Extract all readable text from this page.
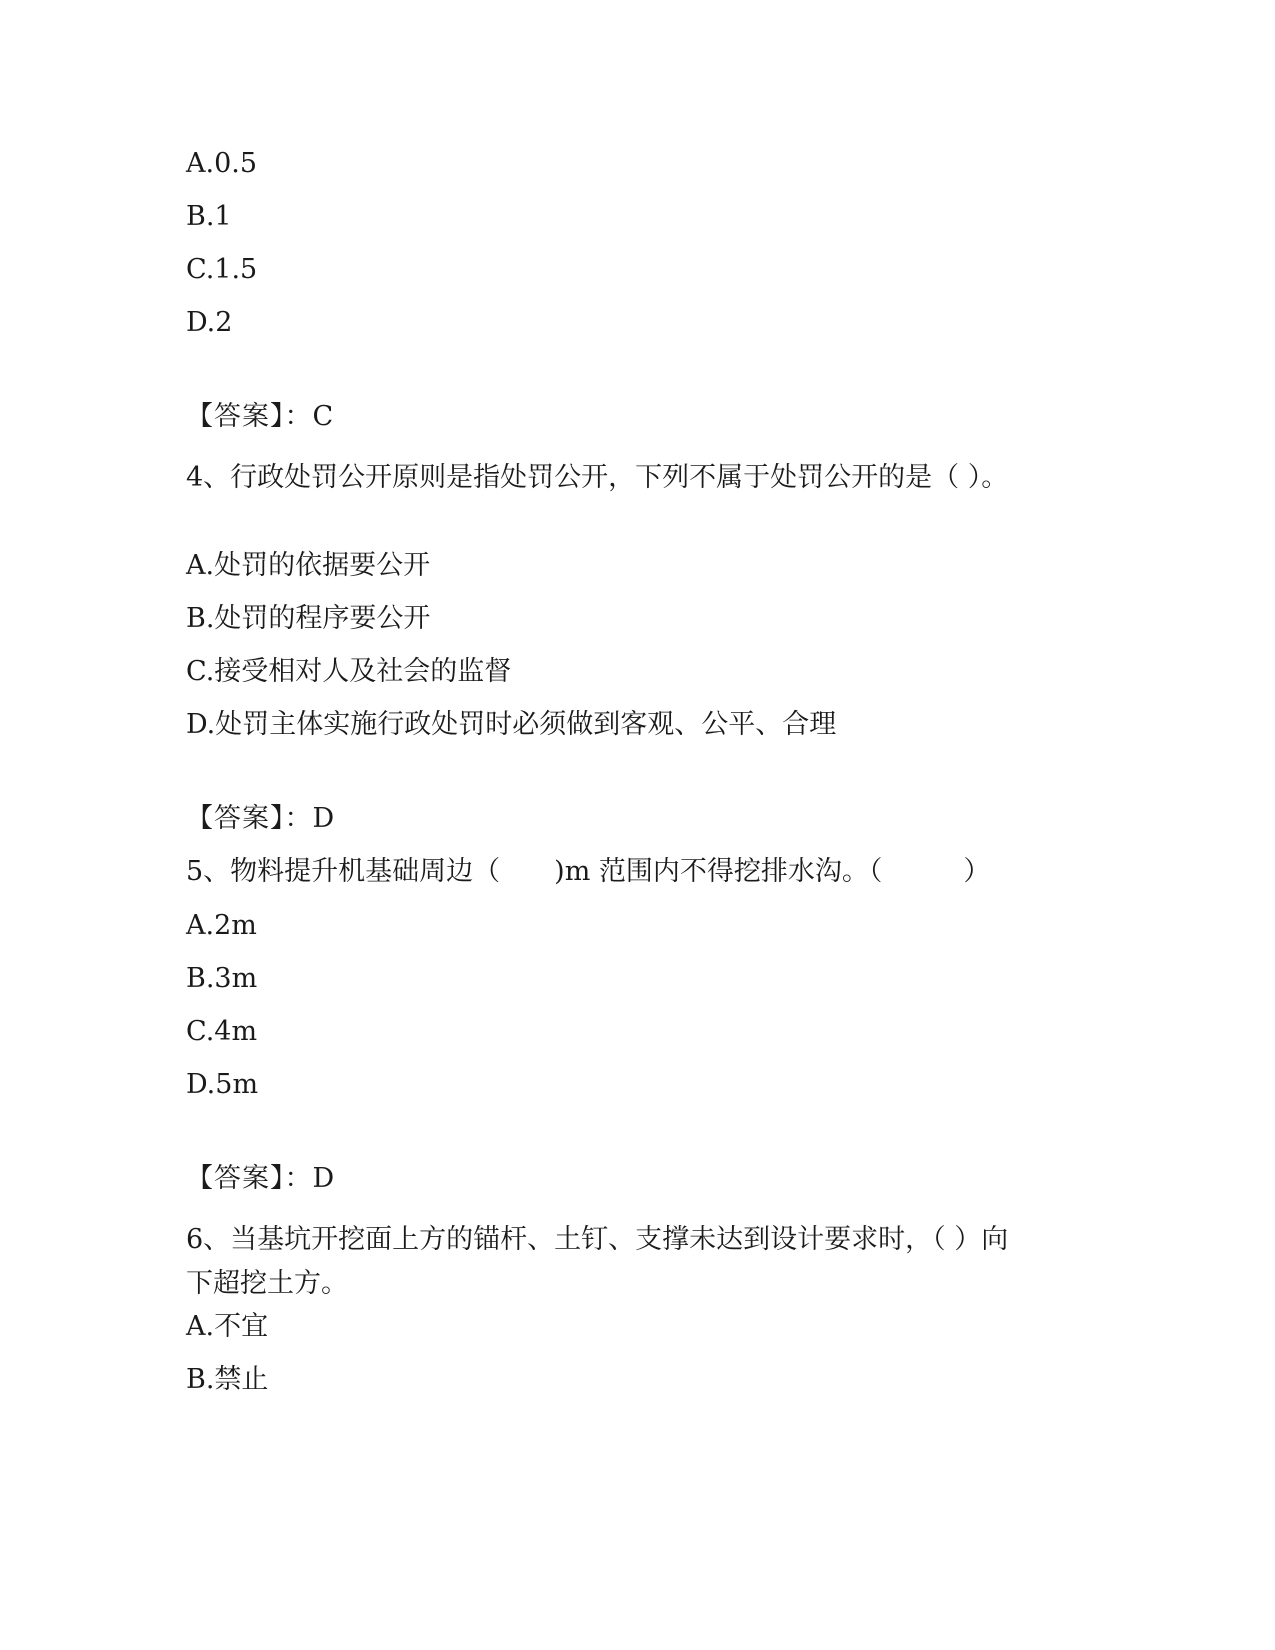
A.0.5
B.1
C.1.5
D.2
【答案】：C
4、行政处罚公开原则是指处罚公开，下列不属于处罚公开的是（ ）。
A.处罚的依据要公开
B.处罚的程序要公开
C.接受相对人及社会的监督
D.处罚主体实施行政处罚时必须做到客观、公平、合理
【答案】：D
5、物料提升机基础周边（　　)m 范围内不得挖排水沟。（　　　）
A.2m
B.3m
C.4m
D.5m
【答案】：D
6、当基坑开挖面上方的锚杆、土钉、支撑未达到设计要求时，（ ）向下超挖土方。
A.不宜
B.禁止
